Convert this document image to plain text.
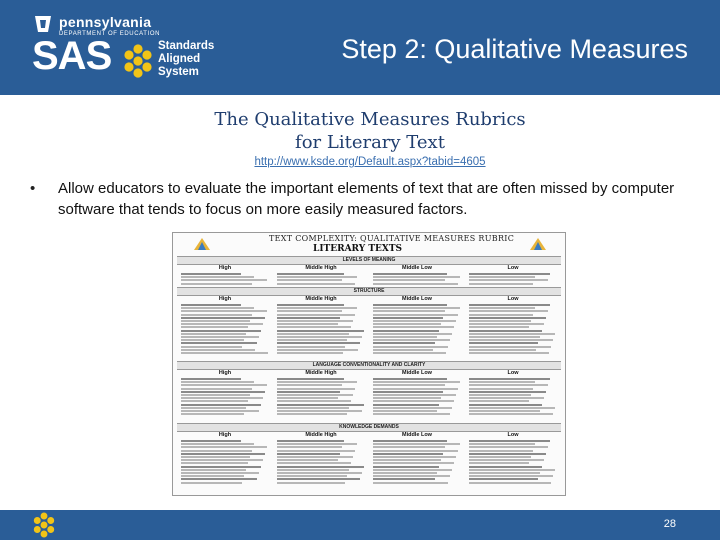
pennsylvania
DEPARTMENT OF EDUCATION
SAS	Standards
Aligned
System
Step 2: Qualitative Measures
The Qualitative Measures Rubrics
for Literary Text
http://www.ksde.org/Default.aspx?tabid=4605
• Allow educators to evaluate the important elements of text that are often missed by computer software that tends to focus on more easily measured factors.
TEXT COMPLEXITY: QUALITATIVE MEASURES RUBRIC
LITERARY TEXTS
LEVELS OF MEANING
High	Middle High	Middle Low	Low
STRUCTURE
High	Middle High	Middle Low	Low
LANGUAGE CONVENTIONALITY AND CLARITY
High	Middle High	Middle Low	Low
KNOWLEDGE DEMANDS
High	Middle High	Middle Low	Low
28
